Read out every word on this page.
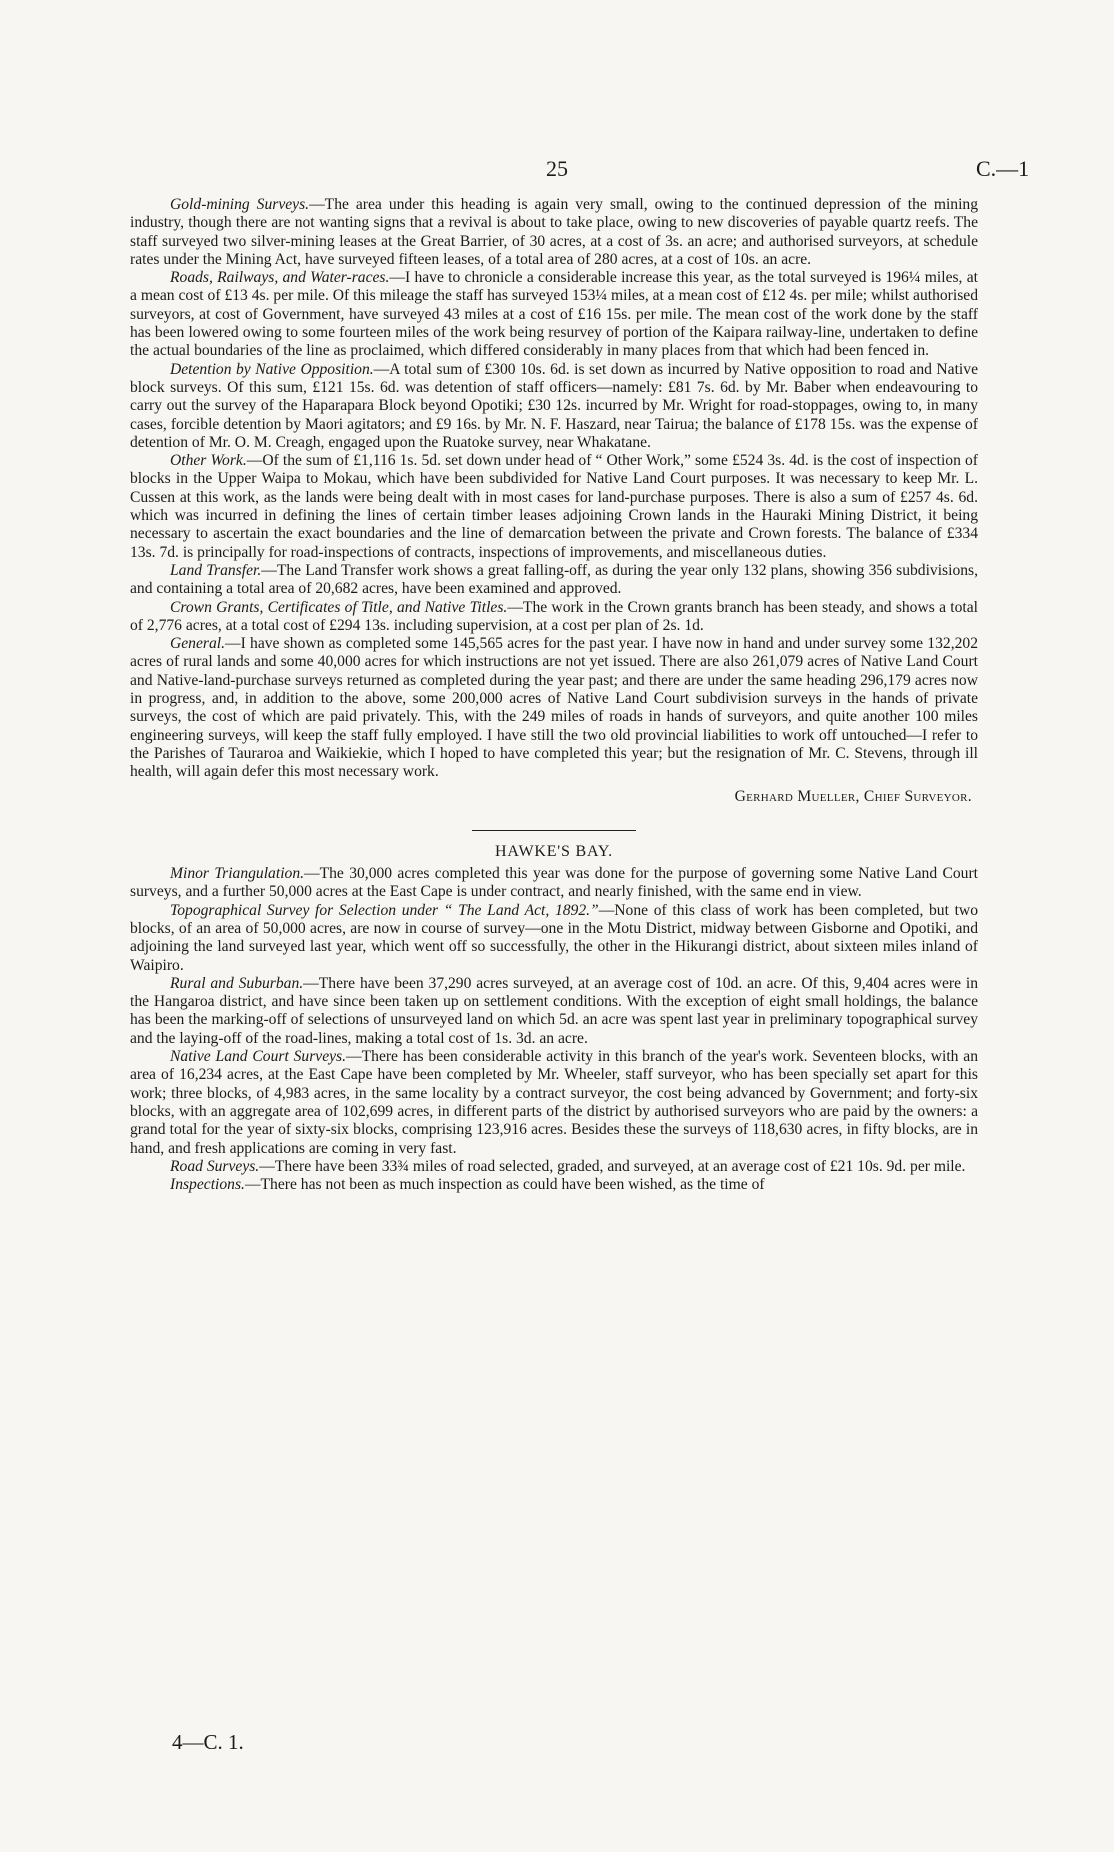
25	C.—1

Gold-mining Surveys.—The area under this heading is again very small, owing to the continued depression of the mining industry, though there are not wanting signs that a revival is about to take place, owing to new discoveries of payable quartz reefs. The staff surveyed two silver-mining leases at the Great Barrier, of 30 acres, at a cost of 3s. an acre; and authorised surveyors, at schedule rates under the Mining Act, have surveyed fifteen leases, of a total area of 280 acres, at a cost of 10s. an acre.

Roads, Railways, and Water-races.—I have to chronicle a considerable increase this year, as the total surveyed is 196¼ miles, at a mean cost of £13 4s. per mile. Of this mileage the staff has surveyed 153¼ miles, at a mean cost of £12 4s. per mile; whilst authorised surveyors, at cost of Government, have surveyed 43 miles at a cost of £16 15s. per mile. The mean cost of the work done by the staff has been lowered owing to some fourteen miles of the work being resurvey of portion of the Kaipara railway-line, undertaken to define the actual boundaries of the line as proclaimed, which differed considerably in many places from that which had been fenced in.

Detention by Native Opposition.—A total sum of £300 10s. 6d. is set down as incurred by Native opposition to road and Native block surveys. Of this sum, £121 15s. 6d. was detention of staff officers—namely: £81 7s. 6d. by Mr. Baber when endeavouring to carry out the survey of the Haparapara Block beyond Opotiki; £30 12s. incurred by Mr. Wright for road-stoppages, owing to, in many cases, forcible detention by Maori agitators; and £9 16s. by Mr. N. F. Haszard, near Tairua; the balance of £178 15s. was the expense of detention of Mr. O. M. Creagh, engaged upon the Ruatoke survey, near Whakatane.

Other Work.—Of the sum of £1,116 1s. 5d. set down under head of “ Other Work,” some £524 3s. 4d. is the cost of inspection of blocks in the Upper Waipa to Mokau, which have been subdivided for Native Land Court purposes. It was necessary to keep Mr. L. Cussen at this work, as the lands were being dealt with in most cases for land-purchase purposes. There is also a sum of £257 4s. 6d. which was incurred in defining the lines of certain timber leases adjoining Crown lands in the Hauraki Mining District, it being necessary to ascertain the exact boundaries and the line of demarcation between the private and Crown forests. The balance of £334 13s. 7d. is principally for road-inspections of contracts, inspections of improvements, and miscellaneous duties.

Land Transfer.—The Land Transfer work shows a great falling-off, as during the year only 132 plans, showing 356 subdivisions, and containing a total area of 20,682 acres, have been examined and approved.

Crown Grants, Certificates of Title, and Native Titles.—The work in the Crown grants branch has been steady, and shows a total of 2,776 acres, at a total cost of £294 13s. including supervision, at a cost per plan of 2s. 1d.

General.—I have shown as completed some 145,565 acres for the past year. I have now in hand and under survey some 132,202 acres of rural lands and some 40,000 acres for which instructions are not yet issued. There are also 261,079 acres of Native Land Court and Native-land-purchase surveys returned as completed during the year past; and there are under the same heading 296,179 acres now in progress, and, in addition to the above, some 200,000 acres of Native Land Court subdivision surveys in the hands of private surveys, the cost of which are paid privately. This, with the 249 miles of roads in hands of surveyors, and quite another 100 miles engineering surveys, will keep the staff fully employed. I have still the two old provincial liabilities to work off untouched—I refer to the Parishes of Tauraroa and Waikiekie, which I hoped to have completed this year; but the resignation of Mr. C. Stevens, through ill health, will again defer this most necessary work.

Gerhard Mueller, Chief Surveyor.
HAWKE'S BAY.

Minor Triangulation.—The 30,000 acres completed this year was done for the purpose of governing some Native Land Court surveys, and a further 50,000 acres at the East Cape is under contract, and nearly finished, with the same end in view.

Topographical Survey for Selection under “ The Land Act, 1892.”—None of this class of work has been completed, but two blocks, of an area of 50,000 acres, are now in course of survey—one in the Motu District, midway between Gisborne and Opotiki, and adjoining the land surveyed last year, which went off so successfully, the other in the Hikurangi district, about sixteen miles inland of Waipiro.

Rural and Suburban.—There have been 37,290 acres surveyed, at an average cost of 10d. an acre. Of this, 9,404 acres were in the Hangaroa district, and have since been taken up on settlement conditions. With the exception of eight small holdings, the balance has been the marking-off of selections of unsurveyed land on which 5d. an acre was spent last year in preliminary topographical survey and the laying-off of the road-lines, making a total cost of 1s. 3d. an acre.

Native Land Court Surveys.—There has been considerable activity in this branch of the year's work. Seventeen blocks, with an area of 16,234 acres, at the East Cape have been completed by Mr. Wheeler, staff surveyor, who has been specially set apart for this work; three blocks, of 4,983 acres, in the same locality by a contract surveyor, the cost being advanced by Government; and forty-six blocks, with an aggregate area of 102,699 acres, in different parts of the district by authorised surveyors who are paid by the owners: a grand total for the year of sixty-six blocks, comprising 123,916 acres. Besides these the surveys of 118,630 acres, in fifty blocks, are in hand, and fresh applications are coming in very fast.

Road Surveys.—There have been 33¾ miles of road selected, graded, and surveyed, at an average cost of £21 10s. 9d. per mile.

Inspections.—There has not been as much inspection as could have been wished, as the time of

4—C. 1.
